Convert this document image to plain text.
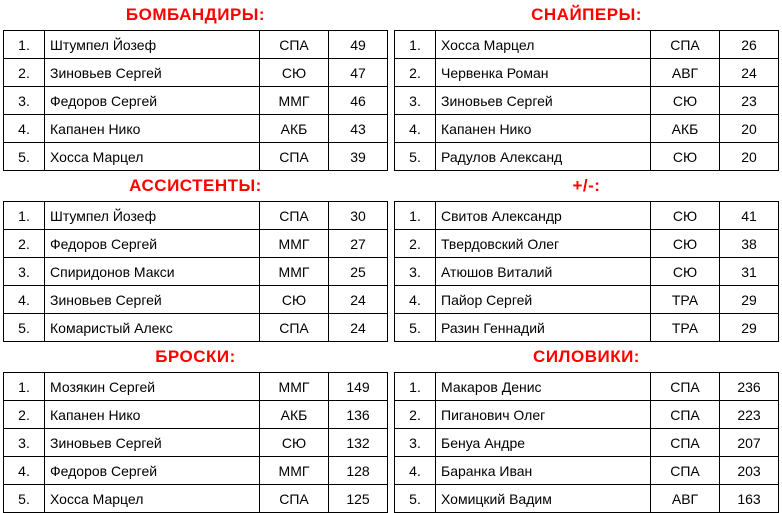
БОМБАНДИРЫ:
1.	Штумпел Йозеф	СПА	49
2.	Зиновьев Сергей	СЮ	47
3.	Федоров Сергей	ММГ	46
4.	Капанен Нико	АКБ	43
5.	Хосса Марцел	СПА	39
СНАЙПЕРЫ:
1.	Хосса Марцел	СПА	26
2.	Червенка Роман	АВГ	24
3.	Зиновьев Сергей	СЮ	23
4.	Капанен Нико	АКБ	20
5.	Радулов Александ	СЮ	20
АССИСТЕНТЫ:
1.	Штумпел Йозеф	СПА	30
2.	Федоров Сергей	ММГ	27
3.	Спиридонов Макси	ММГ	25
4.	Зиновьев Сергей	СЮ	24
5.	Комаристый Алекс	СПА	24
+/-:
1.	Свитов Александр	СЮ	41
2.	Твердовский Олег	СЮ	38
3.	Атюшов Виталий	СЮ	31
4.	Пайор Сергей	ТРА	29
5.	Разин Геннадий	ТРА	29
БРОСКИ:
1.	Мозякин Сергей	ММГ	149
2.	Капанен Нико	АКБ	136
3.	Зиновьев Сергей	СЮ	132
4.	Федоров Сергей	ММГ	128
5.	Хосса Марцел	СПА	125
СИЛОВИКИ:
1.	Макаров Денис	СПА	236
2.	Пиганович Олег	СПА	223
3.	Бенуа Андре	СПА	207
4.	Баранка Иван	СПА	203
5.	Хомицкий Вадим	АВГ	163
